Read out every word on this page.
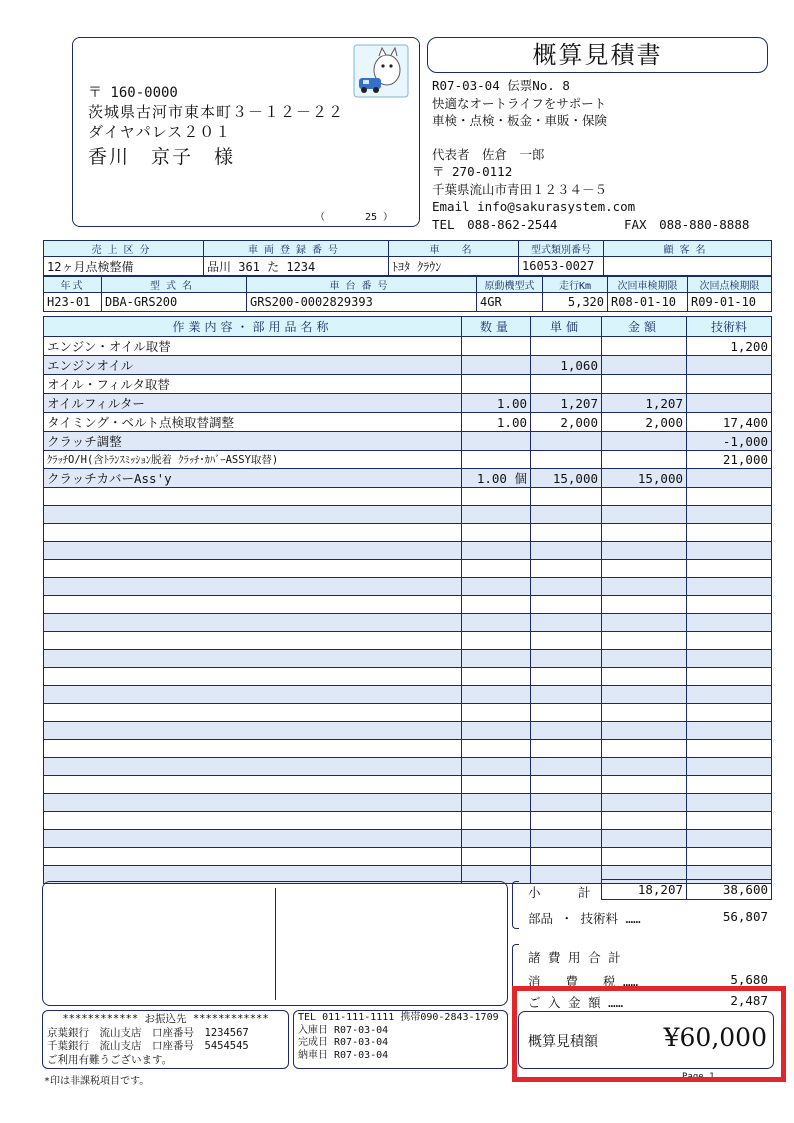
〒 160-0000
茨城県古河市東本町３－１２－２２
ダイヤパレス２０１
香川　京子　様
（　　　　25 ）
概算見積書
R07-03-04 伝票No. 8
快適なオートライフをサポート
車検・点検・板金・車販・保険
代表者　佐倉　一郎
〒 270-0112
千葉県流山市青田１２３４－５
Email info@sakurasystem.com
TEL　088-862-2544	FAX　088-880-8888
売上区分	車両登録番号	車　名	型式類別番号	顧客名
12ヶ月点検整備	品川 361 た 1234	ﾄﾖﾀ ｸﾗｳﾝ	16053-0027	
年式	型式名	車台番号	原動機型式	走行Km	次回車検期限	次回点検期限
H23-01	DBA-GRS200	GRS200-0002829393	4GR	5,320	R08-01-10	R09-01-10
作業内容・部用品名称	数量	単価	金額	技術料
エンジン・オイル取替				1,200
エンジンオイル		1,060		
オイル・フィルタ取替				
オイルフィルター	1.00	1,207	1,207	
タイミング・ベルト点検取替調整	1.00	2,000	2,000	17,400
クラッチ調整				-1,000
ｸﾗｯﾁO/H(含ﾄﾗﾝｽﾐｯｼｮﾝ脱着 ｸﾗｯﾁ･ｶﾊﾞｰASSY取替)				21,000
クラッチカバーAss'y	1.00 個	15,000	15,000	

************ お振込先 ************
京葉銀行　流山支店　口座番号　1234567
千葉銀行　流山支店　口座番号　5454545
ご利用有難うございます。
*印は非課税項目です。
TEL 011-111-1111 携帯090-2843-1709
入庫日 R07-03-04
完成日 R07-03-04
納車日 R07-03-04
小　　　計	18,207	38,600
部品 ・ 技術料 ……	56,807
諸 費 用 合 計
消　　費　　税 ……	5,680
ご 入 金 額 ……	2,487
概算見積額	¥60,000
Page 1
